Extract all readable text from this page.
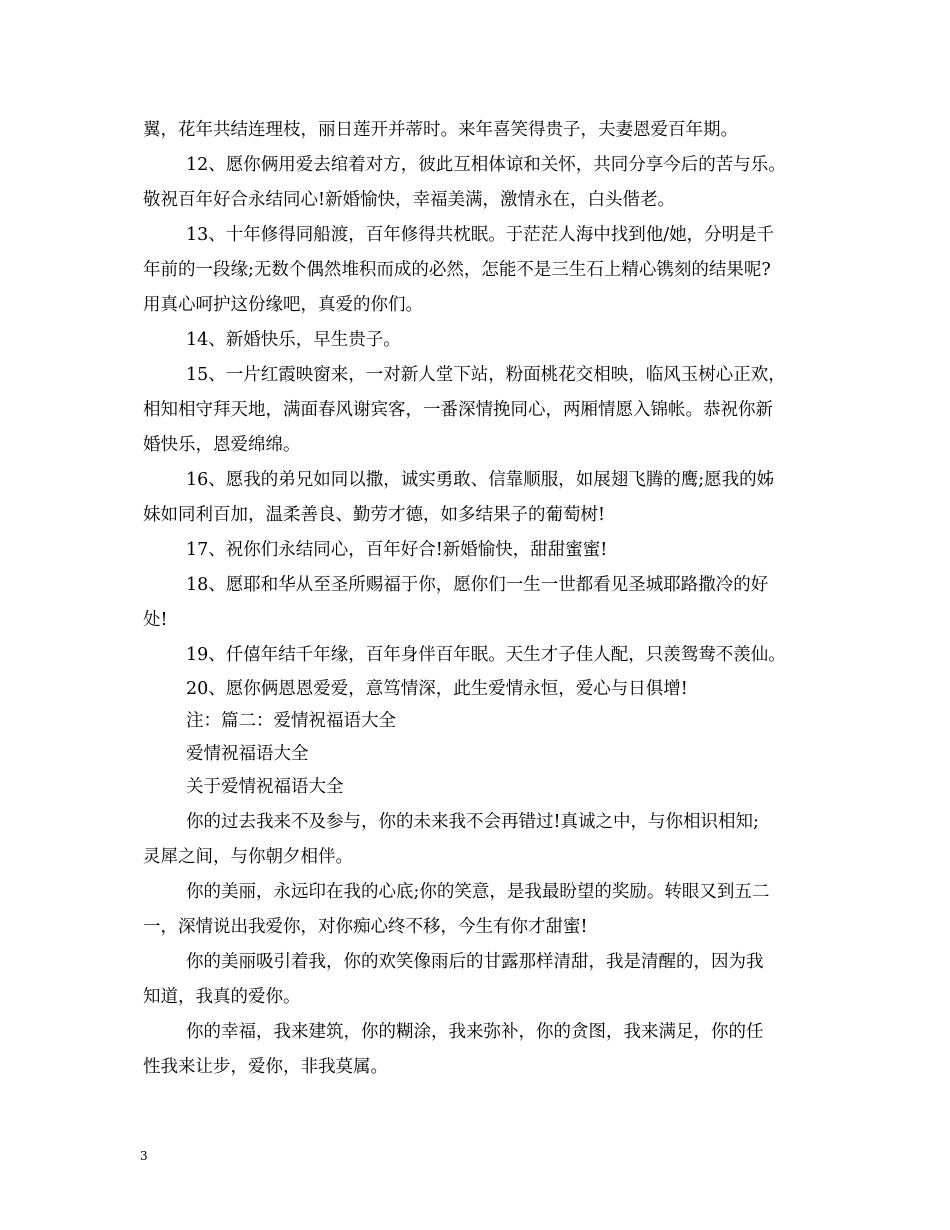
翼，花年共结连理枝，丽日莲开并蒂时。来年喜笑得贵子，夫妻恩爱百年期。
12、愿你俩用爱去绾着对方，彼此互相体谅和关怀，共同分享今后的苦与乐。
敬祝百年好合永结同心!新婚愉快，幸福美满，激情永在，白头偕老。
13、十年修得同船渡，百年修得共枕眠。于茫茫人海中找到他/她，分明是千
年前的一段缘;无数个偶然堆积而成的必然，怎能不是三生石上精心镌刻的结果呢?
用真心呵护这份缘吧，真爱的你们。
14、新婚快乐，早生贵子。
15、一片红霞映窗来，一对新人堂下站，粉面桃花交相映，临风玉树心正欢，
相知相守拜天地，满面春风谢宾客，一番深情挽同心，两厢情愿入锦帐。恭祝你新
婚快乐，恩爱绵绵。
16、愿我的弟兄如同以撒，诚实勇敢、信靠顺服，如展翅飞腾的鹰;愿我的姊
妹如同利百加，温柔善良、勤劳才德，如多结果子的葡萄树!
17、祝你们永结同心，百年好合!新婚愉快，甜甜蜜蜜!
18、愿耶和华从至圣所赐福于你，愿你们一生一世都看见圣城耶路撒冷的好
处!
19、仟僖年结千年缘，百年身伴百年眠。天生才子佳人配，只羡鸳鸯不羡仙。
20、愿你俩恩恩爱爱，意笃情深，此生爱情永恒，爱心与日俱增!
注：篇二：爱情祝福语大全
爱情祝福语大全
关于爱情祝福语大全
你的过去我来不及参与，你的未来我不会再错过!真诚之中，与你相识相知;
灵犀之间，与你朝夕相伴。
你的美丽，永远印在我的心底;你的笑意，是我最盼望的奖励。转眼又到五二
一，深情说出我爱你，对你痴心终不移，今生有你才甜蜜!
你的美丽吸引着我，你的欢笑像雨后的甘露那样清甜，我是清醒的，因为我
知道，我真的爱你。
你的幸福，我来建筑，你的糊涂，我来弥补，你的贪图，我来满足，你的任
性我来让步，爱你，非我莫属。
3
